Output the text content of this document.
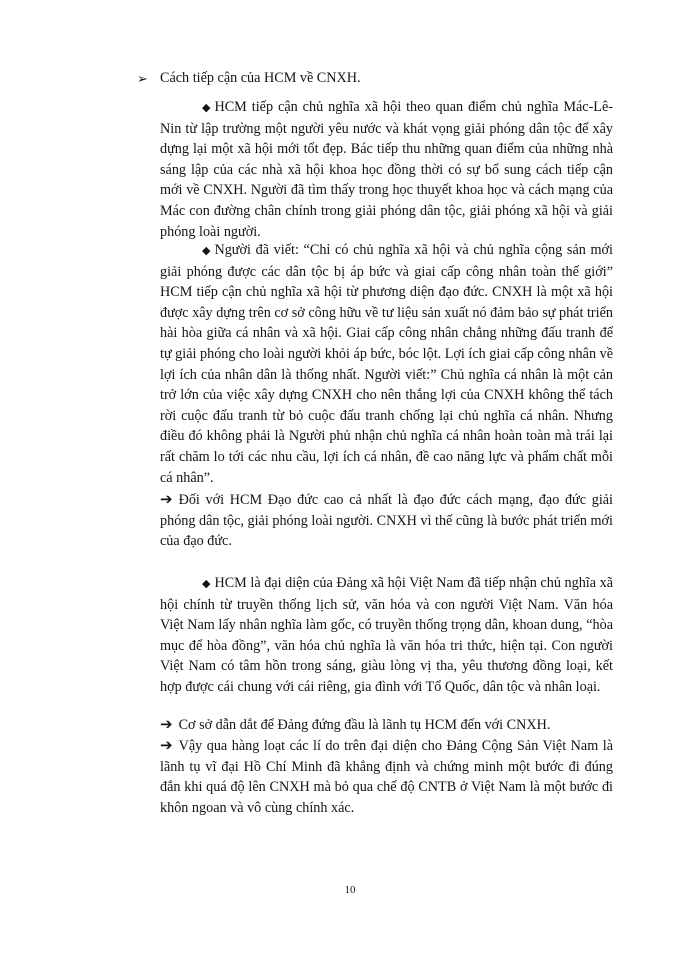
➢ Cách tiếp cận của HCM về CNXH.

◆ HCM tiếp cận chủ nghĩa xã hội theo quan điểm chủ nghĩa Mác-Lê-Nin từ lập trường một người yêu nước và khát vọng giải phóng dân tộc để xây dựng lại một xã hội mới tốt đẹp. Bác tiếp thu những quan điểm của những nhà sáng lập của các nhà xã hội khoa học đồng thời có sự bổ sung cách tiếp cận mới về CNXH. Người đã tìm thấy trong học thuyết khoa học và cách mạng của Mác con đường chân chính trong giải phóng dân tộc, giải phóng xã hội và giải phóng loài người.

◆ Người đã viết: “Chỉ có chủ nghĩa xã hội và chủ nghĩa cộng sản mới giải phóng được các dân tộc bị áp bức và giai cấp công nhân toàn thế giới” HCM tiếp cận chủ nghĩa xã hội từ phương diện đạo đức. CNXH là một xã hội được xây dựng trên cơ sở công hữu về tư liệu sản xuất nó đảm bảo sự phát triển hài hòa giữa cá nhân và xã hội. Giai cấp công nhân chẳng những đấu tranh để tự giải phóng cho loài người khỏi áp bức, bóc lột. Lợi ích giai cấp công nhân về lợi ích của nhân dân là thống nhất. Người viết:” Chủ nghĩa cá nhân là một cản trở lớn của việc xây dựng CNXH cho nên thắng lợi của CNXH không thể tách rời cuộc đấu tranh từ bỏ cuộc đấu tranh chống lại chủ nghĩa cá nhân. Nhưng điều đó không phải là Người phủ nhận chủ nghĩa cá nhân hoàn toàn mà trái lại rất chăm lo tới các nhu cầu, lợi ích cá nhân, đề cao năng lực và phẩm chất mỗi cá nhân”.

➔ Đối với HCM Đạo đức cao cả nhất là đạo đức cách mạng, đạo đức giải phóng dân tộc, giải phóng loài người. CNXH vì thế cũng là bước phát triển mới của đạo đức.

◆ HCM là đại diện của Đảng xã hội Việt Nam đã tiếp nhận chủ nghĩa xã hội chính từ truyền thống lịch sử, văn hóa và con người Việt Nam. Văn hóa Việt Nam lấy nhân nghĩa làm gốc, có truyền thống trọng dân, khoan dung, “hòa mục để hòa đồng”, văn hóa chủ nghĩa là văn hóa tri thức, hiện tại. Con người Việt Nam có tâm hồn trong sáng, giàu lòng vị tha, yêu thương đồng loại, kết hợp được cái chung với cái riêng, gia đình với Tổ Quốc, dân tộc và nhân loại.

➔ Cơ sở dẫn dắt để Đảng đứng đầu là lãnh tụ HCM đến với CNXH.

➔ Vậy qua hàng loạt các lí do trên đại diện cho Đảng Cộng Sản Việt Nam là lãnh tụ vĩ đại Hồ Chí Minh đã khẳng định và chứng minh một bước đi đúng đắn khi quá độ lên CNXH mà bỏ qua chế độ CNTB ở Việt Nam là một bước đi khôn ngoan và vô cùng chính xác.

10
